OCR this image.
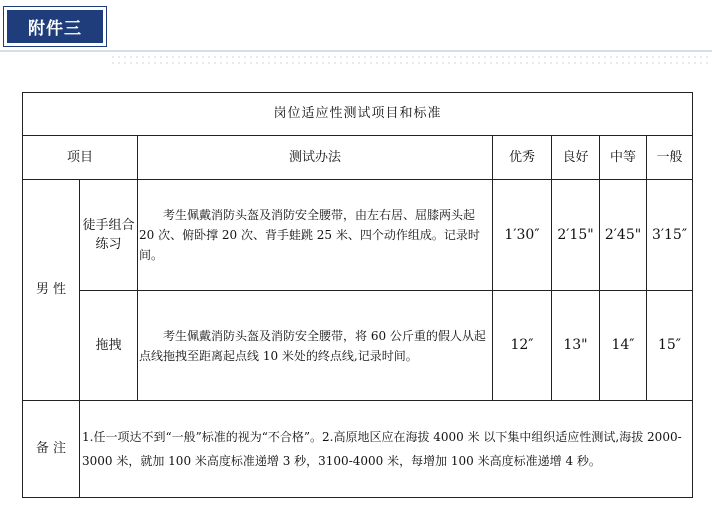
附件三
岗位适应性测试项目和标准						
项目		测试办法	优秀	良好	中等	一般
男 性	徒手组合练习	考生佩戴消防头盔及消防安全腰带，由左右居、屈膝两头起 20 次、俯卧撑 20 次、背手蛙跳 25 米、四个动作组成。记录时间。	1′30″	2′15"	2′45"	3′15″
	拖拽	考生佩戴消防头盔及消防安全腰带，将 60 公斤重的假人从起点线拖拽至距离起点线 10 米处的终点线,记录时间。	12″	13"	14″	15″
备 注	1.任一项达不到“一般”标准的视为“不合格”。2.高原地区应在海拔 4000 米 以下集中组织适应性测试,海拔 2000-3000 米，就加 100 米高度标准递增 3 秒，3100-4000 米，每增加 100 米高度标准递增 4 秒。					
